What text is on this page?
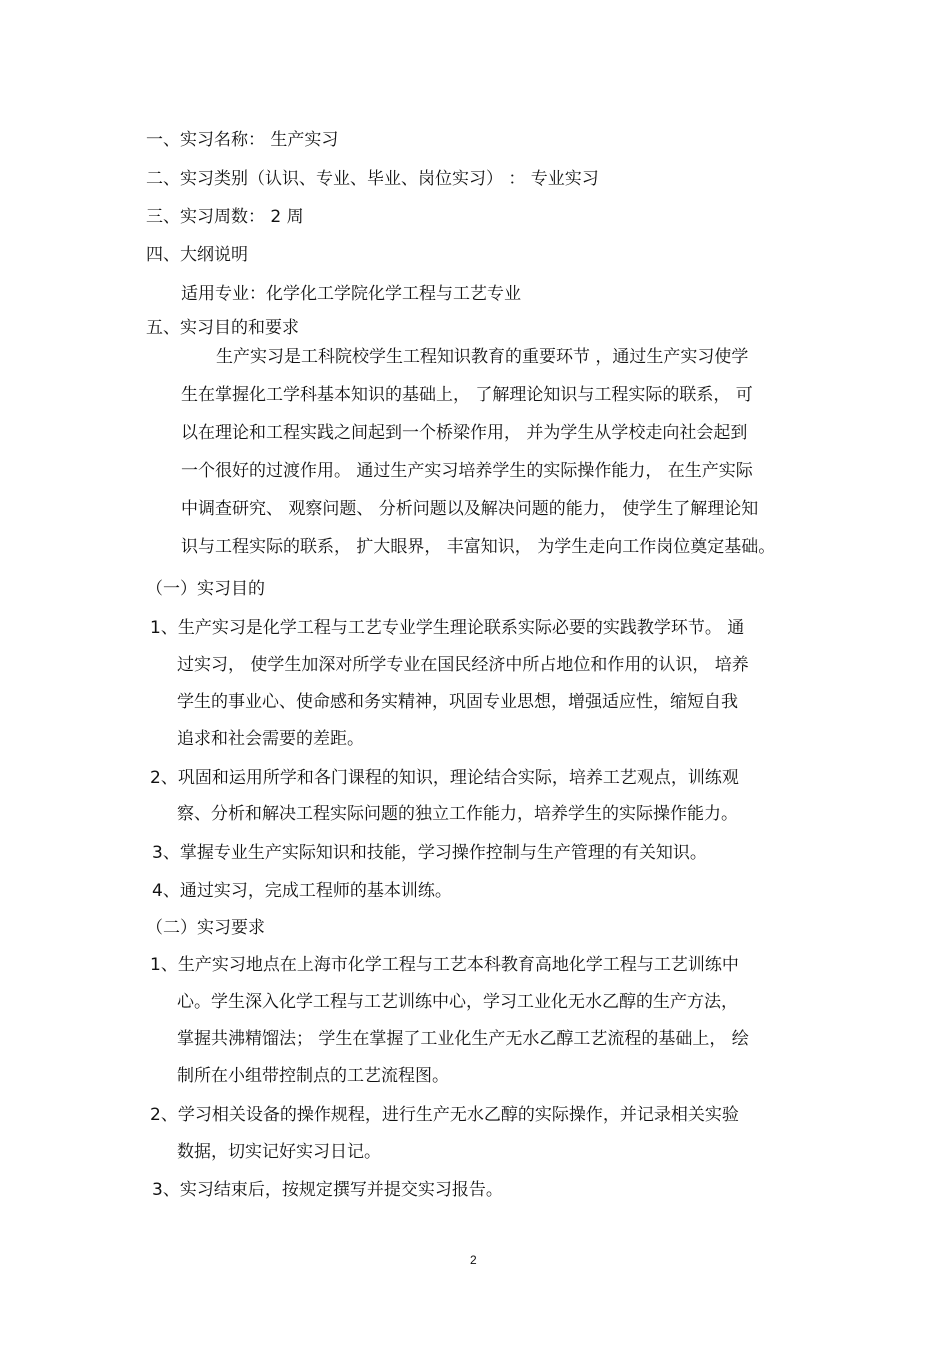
一、实习名称： 生产实习

二、实习类别（认识、专业、毕业、岗位实习） ： 专业实习

三、实习周数： 2 周

四、大纲说明

适用专业：化学化工学院化学工程与工艺专业

五、实习目的和要求

生产实习是工科院校学生工程知识教育的重要环节 ，通过生产实习使学

生在掌握化工学科基本知识的基础上， 了解理论知识与工程实际的联系， 可

以在理论和工程实践之间起到一个桥梁作用， 并为学生从学校走向社会起到

一个很好的过渡作用。 通过生产实习培养学生的实际操作能力， 在生产实际

中调查研究、 观察问题、 分析问题以及解决问题的能力， 使学生了解理论知

识与工程实际的联系， 扩大眼界， 丰富知识， 为学生走向工作岗位奠定基础。

（一）实习目的

1、生产实习是化学工程与工艺专业学生理论联系实际必要的实践教学环节。 通

过实习， 使学生加深对所学专业在国民经济中所占地位和作用的认识， 培养

学生的事业心、使命感和务实精神，巩固专业思想，增强适应性，缩短自我

追求和社会需要的差距。

2、巩固和运用所学和各门课程的知识，理论结合实际，培养工艺观点，训练观

察、分析和解决工程实际问题的独立工作能力，培养学生的实际操作能力。

3、掌握专业生产实际知识和技能，学习操作控制与生产管理的有关知识。

4、通过实习，完成工程师的基本训练。

（二）实习要求

1、生产实习地点在上海市化学工程与工艺本科教育高地化学工程与工艺训练中

心。学生深入化学工程与工艺训练中心，学习工业化无水乙醇的生产方法，

掌握共沸精馏法； 学生在掌握了工业化生产无水乙醇工艺流程的基础上， 绘

制所在小组带控制点的工艺流程图。

2、学习相关设备的操作规程，进行生产无水乙醇的实际操作，并记录相关实验

数据，切实记好实习日记。

3、实习结束后，按规定撰写并提交实习报告。

2
